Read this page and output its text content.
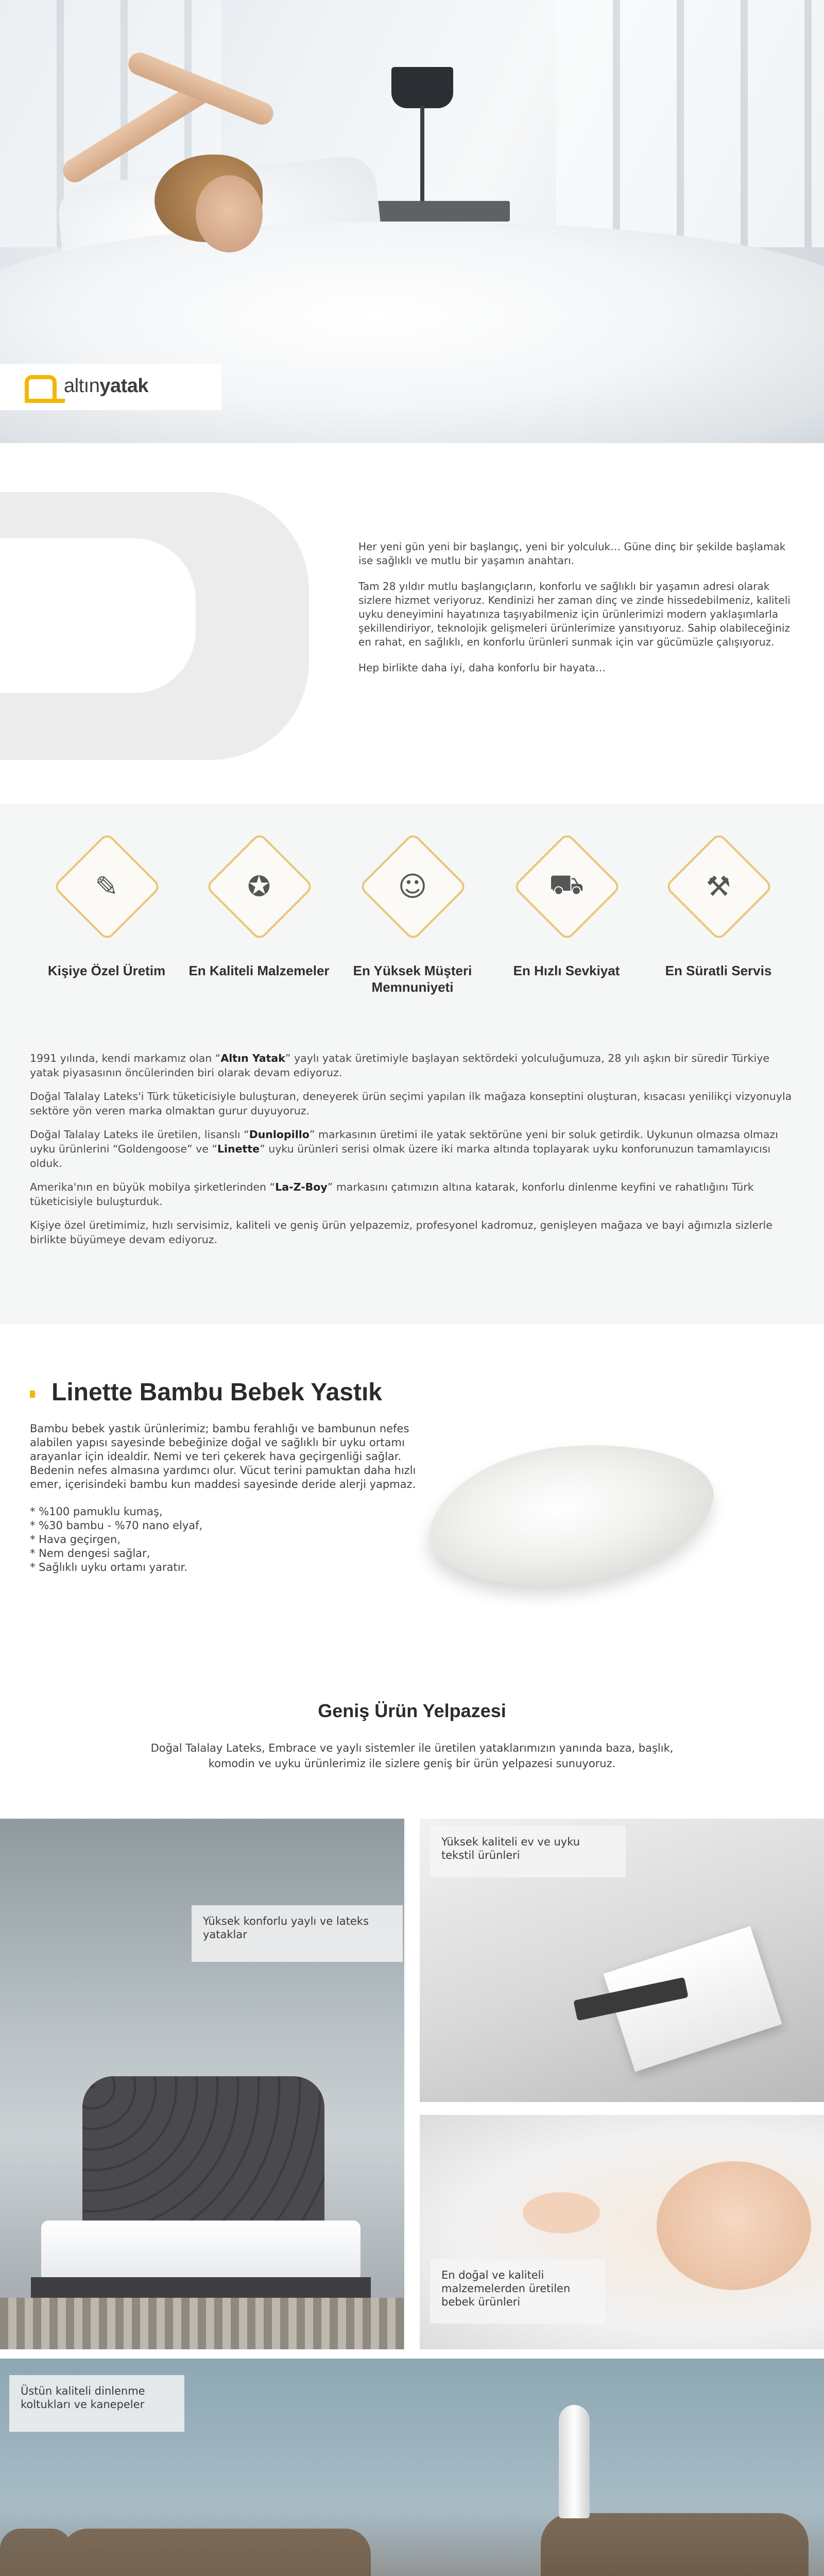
altınyatak

Her yeni gün yeni bir başlangıç, yeni bir yolculuk… Güne dinç bir şekilde başlamak ise sağlıklı ve mutlu bir yaşamın anahtarı.

Tam 28 yıldır mutlu başlangıçların, konforlu ve sağlıklı bir yaşamın adresi olarak sizlere hizmet veriyoruz. Kendinizi her zaman dinç ve zinde hissedebilmeniz, kaliteli uyku deneyimini hayatınıza taşıyabilmeniz için ürünlerimizi modern yaklaşımlarla şekillendiriyor, teknolojik gelişmeleri ürünlerimize yansıtıyoruz. Sahip olabileceğiniz en rahat, en sağlıklı, en konforlu ürünleri sunmak için var gücümüzle çalışıyoruz.

Hep birlikte daha iyi, daha konforlu bir hayata…

✎
Kişiye Özel Üretim
✪
En Kaliteli Malzemeler
☺
En Yüksek Müşteri Memnuniyeti
⛟
En Hızlı Sevkiyat
⚒
En Süratli Servis

1991 yılında, kendi markamız olan “Altın Yatak” yaylı yatak üretimiyle başlayan sektördeki yolculuğumuza, 28 yılı aşkın bir süredir Türkiye yatak piyasasının öncülerinden biri olarak devam ediyoruz.

Doğal Talalay Lateks'i Türk tüketicisiyle buluşturan, deneyerek ürün seçimi yapılan ilk mağaza konseptini oluşturan, kısacası yenilikçi vizyonuyla sektöre yön veren marka olmaktan gurur duyuyoruz.

Doğal Talalay Lateks ile üretilen, lisanslı “Dunlopillo” markasının üretimi ile yatak sektörüne yeni bir soluk getirdik. Uykunun olmazsa olmazı uyku ürünlerini “Goldengoose” ve “Linette” uyku ürünleri serisi olmak üzere iki marka altında toplayarak uyku konforunuzun tamamlayıcısı olduk.

Amerika'nın en büyük mobilya şirketlerinden “La-Z-Boy” markasını çatımızın altına katarak, konforlu dinlenme keyfini ve rahatlığını Türk tüketicisiyle buluşturduk.

Kişiye özel üretimimiz, hızlı servisimiz, kaliteli ve geniş ürün yelpazemiz, profesyonel kadromuz, genişleyen mağaza ve bayi ağımızla sizlerle birlikte büyümeye devam ediyoruz.

Linette Bambu Bebek Yastık

Bambu bebek yastık ürünlerimiz; bambu ferahlığı ve bambunun nefes alabilen yapısı sayesinde bebeğinize doğal ve sağlıklı bir uyku ortamı arayanlar için idealdir. Nemi ve teri çekerek hava geçirgenliği sağlar. Bedenin nefes almasına yardımcı olur. Vücut terini pamuktan daha hızlı emer, içerisindeki bambu kun maddesi sayesinde deride alerji yapmaz.

* %100 pamuklu kumaş,
* %30 bambu - %70 nano elyaf,
* Hava geçirgen,
* Nem dengesi sağlar,
* Sağlıklı uyku ortamı yaratır.
Geniş Ürün Yelpazesi
Doğal Talalay Lateks, Embrace ve yaylı sistemler ile üretilen yataklarımızın yanında baza, başlık, komodin ve uyku ürünlerimiz ile sizlere geniş bir ürün yelpazesi sunuyoruz.
Yüksek konforlu yaylı ve lateks yataklar
Yüksek kaliteli ev ve uyku tekstil ürünleri
En doğal ve kaliteli malzemelerden üretilen bebek ürünleri
Üstün kaliteli dinlenme koltukları ve kanepeler
